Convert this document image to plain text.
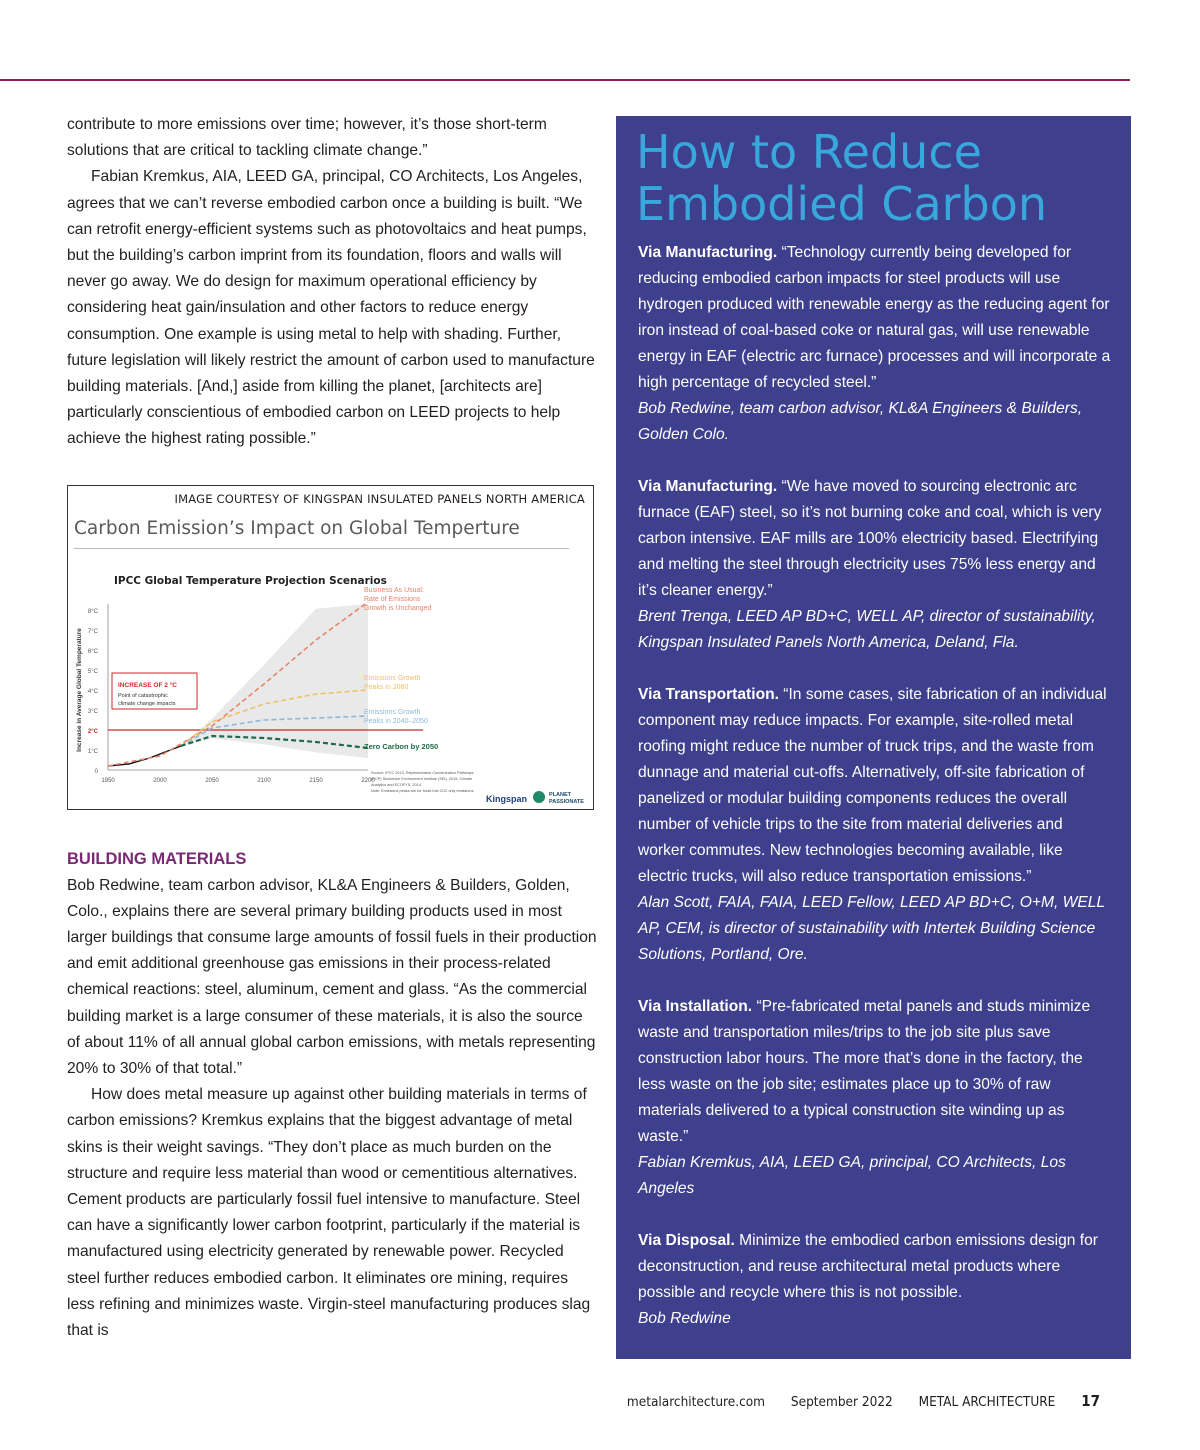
contribute to more emissions over time; however, it’s those short-term solutions that are critical to tackling climate change.”

Fabian Kremkus, AIA, LEED GA, principal, CO Architects, Los Angeles, agrees that we can’t reverse embodied carbon once a building is built. “We can retrofit energy-efficient systems such as photovoltaics and heat pumps, but the building’s carbon imprint from its foundation, floors and walls will never go away. We do design for maximum operational efficiency by considering heat gain/insulation and other factors to reduce energy consumption. One example is using metal to help with shading. Further, future legislation will likely restrict the amount of carbon used to manufacture building materials. [And,] aside from killing the planet, [architects are] particularly conscientious of embodied carbon on LEED projects to help achieve the highest rating possible.”

IMAGE COURTESY OF KINGSPAN INSULATED PANELS NORTH AMERICA
Carbon Emission’s Impact on Global Temperture
IPCC Global Temperature Projection Scenarios
0
1°C
2°C
3°C
4°C
5°C
6°C
7°C
8°C
1950	2000	2050	2100	2150	2200
Increase in Average Global Temperature	INCREASE OF 2 °C
Point of catastrophic
climate change impacts
Business As Usual:
Rate of Emissions
Growth is Unchanged
Emissions Growth
Peaks in 2080
Emissions Growth
Peaks in 2040–2050
Zero Carbon by 2050
Source: IPCC 2013, Representative Concentration Pathways
(RCP) Stockholm Environment Institute (SEI), 2015, Climate
Analytics and ECOFYS, 2014.
Note: Emissions peaks are for fossil fuel CO2 only emissions.
Kingspan	PLANET
PASSIONATE
BUILDING MATERIALS

Bob Redwine, team carbon advisor, KL&A Engineers & Builders, Golden, Colo., explains there are several primary building products used in most larger buildings that consume large amounts of fossil fuels in their production and emit additional greenhouse gas emissions in their process-related chemical reactions: steel, aluminum, cement and glass. “As the commercial building market is a large consumer of these materials, it is also the source of about 11% of all annual global carbon emissions, with metals representing 20% to 30% of that total.”

How does metal measure up against other building materials in terms of carbon emissions? Kremkus explains that the biggest advantage of metal skins is their weight savings. “They don’t place as much burden on the structure and require less material than wood or cementitious alternatives. Cement products are particularly fossil fuel intensive to manufacture. Steel can have a significantly lower carbon footprint, particularly if the material is manufactured using electricity generated by renewable power. Recycled steel further reduces embodied carbon. It eliminates ore mining, requires less refining and minimizes waste. Virgin-steel manufacturing produces slag that is

How to Reduce
Embodied Carbon
Via Manufacturing. “Technology currently being developed for reducing embodied carbon impacts for steel products will use hydrogen produced with renewable energy as the reducing agent for iron instead of coal-based coke or natural gas, will use renewable energy in EAF (electric arc furnace) processes and will incorporate a high percentage of recycled steel.”
Bob Redwine, team carbon advisor, KL&A Engineers & Builders, Golden Colo.
Via Manufacturing. “We have moved to sourcing electronic arc furnace (EAF) steel, so it’s not burning coke and coal, which is very carbon intensive. EAF mills are 100% electricity based. Electrifying and melting the steel through electricity uses 75% less energy and it’s cleaner energy.”
Brent Trenga, LEED AP BD+C, WELL AP, director of sustainability, Kingspan Insulated Panels North America, Deland, Fla.
Via Transportation. “In some cases, site fabrication of an individual component may reduce impacts. For example, site-rolled metal roofing might reduce the number of truck trips, and the waste from dunnage and material cut-offs. Alternatively, off-site fabrication of panelized or modular building components reduces the overall number of vehicle trips to the site from material deliveries and worker commutes. New technologies becoming available, like electric trucks, will also reduce transportation emissions.”
Alan Scott, FAIA, FAIA, LEED Fellow, LEED AP BD+C, O+M, WELL AP, CEM, is director of sustainability with Intertek Building Science Solutions, Portland, Ore.
Via Installation. “Pre-fabricated metal panels and studs minimize waste and transportation miles/trips to the job site plus save construction labor hours. The more that’s done in the factory, the less waste on the job site; estimates place up to 30% of raw materials delivered to a typical construction site winding up as waste.”
Fabian Kremkus, AIA, LEED GA, principal, CO Architects, Los Angeles
Via Disposal. Minimize the embodied carbon emissions design for deconstruction, and reuse architectural metal products where possible and recycle where this is not possible.
Bob Redwine
metalarchitecture.com September 2022 METAL ARCHITECTURE 17
